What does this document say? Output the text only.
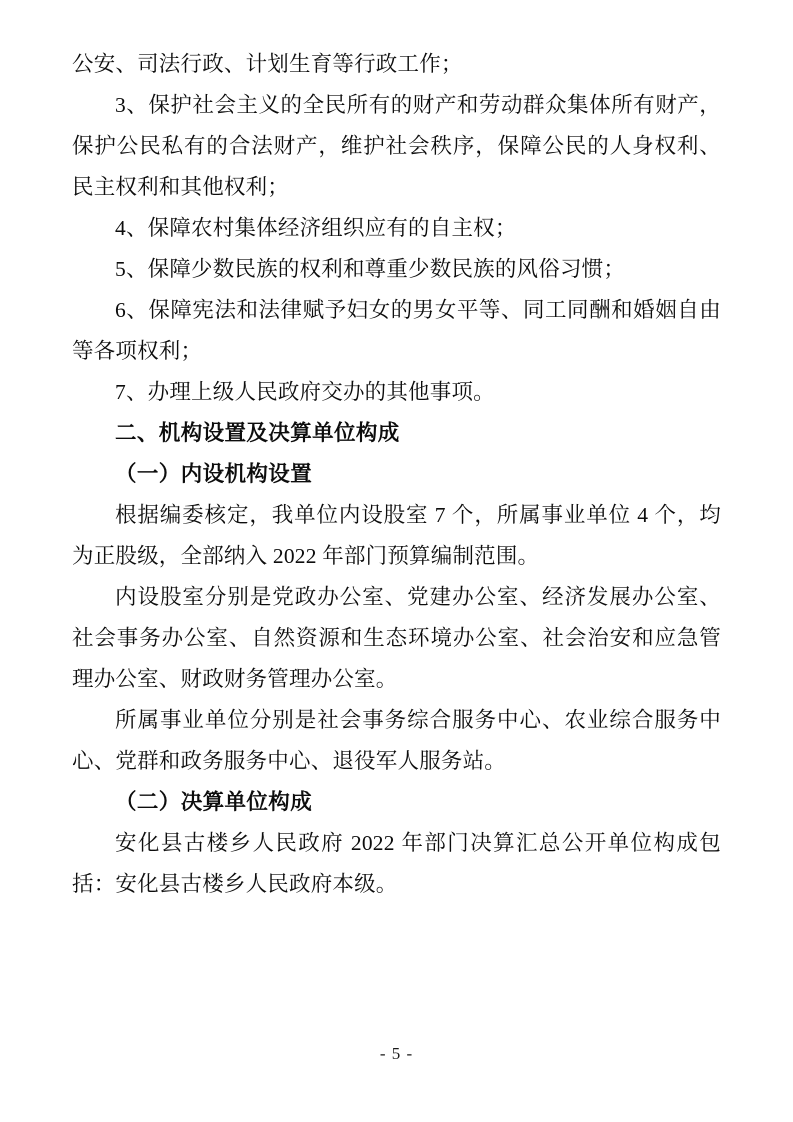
公安、司法行政、计划生育等行政工作；

3、保护社会主义的全民所有的财产和劳动群众集体所有财产，保护公民私有的合法财产，维护社会秩序，保障公民的人身权利、民主权利和其他权利；

4、保障农村集体经济组织应有的自主权；

5、保障少数民族的权利和尊重少数民族的风俗习惯；

6、保障宪法和法律赋予妇女的男女平等、同工同酬和婚姻自由等各项权利；

7、办理上级人民政府交办的其他事项。

二、机构设置及决算单位构成
（一）内设机构设置

根据编委核定，我单位内设股室 7 个，所属事业单位 4 个，均为正股级，全部纳入 2022 年部门预算编制范围。

内设股室分别是党政办公室、党建办公室、经济发展办公室、社会事务办公室、自然资源和生态环境办公室、社会治安和应急管理办公室、财政财务管理办公室。

所属事业单位分别是社会事务综合服务中心、农业综合服务中心、党群和政务服务中心、退役军人服务站。

（二）决算单位构成

安化县古楼乡人民政府 2022 年部门决算汇总公开单位构成包括：安化县古楼乡人民政府本级。

- 5 -
